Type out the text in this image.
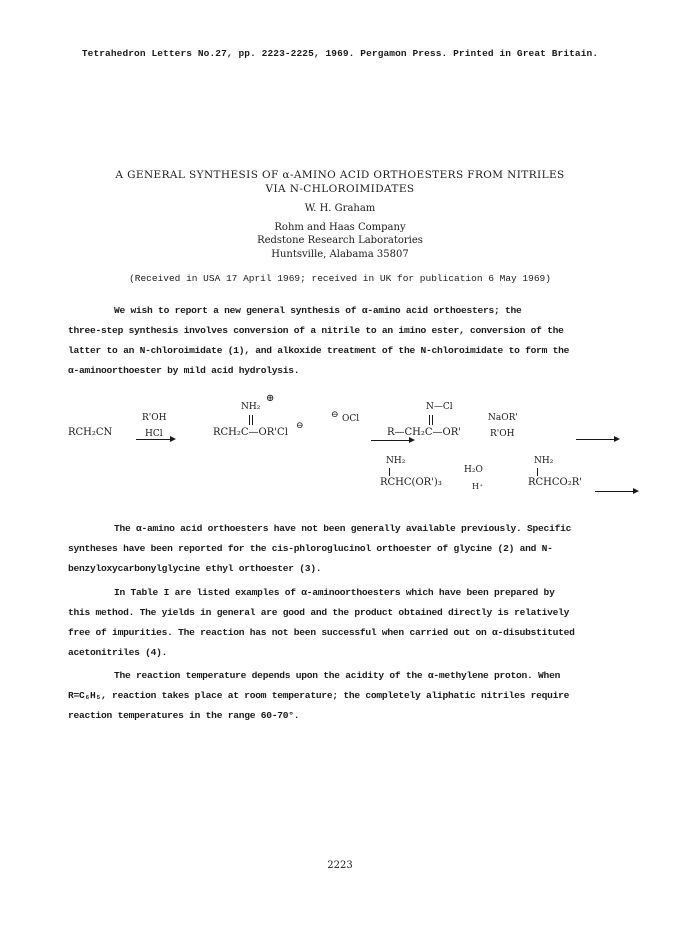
Tetrahedron Letters No.27, pp. 2223-2225, 1969. Pergamon Press. Printed in Great Britain.
A GENERAL SYNTHESIS OF α-AMINO ACID ORTHOESTERS FROM NITRILES
VIA N-CHLOROIMIDATES
W. H. Graham
Rohm and Haas Company
Redstone Research Laboratories
Huntsville, Alabama 35807
(Received in USA 17 April 1969; received in UK for publication 6 May 1969)
We wish to report a new general synthesis of α-amino acid orthoesters; the
three-step synthesis involves conversion of a nitrile to an imino ester, conversion of the
latter to an N-chloroimidate (1), and alkoxide treatment of the N-chloroimidate to form the
α-aminoorthoester by mild acid hydrolysis.
RCH₂CN
R'OH

HCl
NH₂
⊕
RCH₂C—OR'Cl
⊖
⊖ OCl

N—Cl
R—CH₂C—OR'
NaOR'

R'OH
NH₂
RCHC(OR')₃
H₂O
H⁺
NH₂
RCHCO₂R'
The α-amino acid orthoesters have not been generally available previously. Specific
syntheses have been reported for the cis-phloroglucinol orthoester of glycine (2) and N-
benzyloxycarbonylglycine ethyl orthoester (3).
In Table I are listed examples of α-aminoorthoesters which have been prepared by
this method. The yields in general are good and the product obtained directly is relatively
free of impurities. The reaction has not been successful when carried out on α-disubstituted
acetonitriles (4).
The reaction temperature depends upon the acidity of the α-methylene proton. When
R=C₆H₅, reaction takes place at room temperature; the completely aliphatic nitriles require
reaction temperatures in the range 60-70°.
2223
